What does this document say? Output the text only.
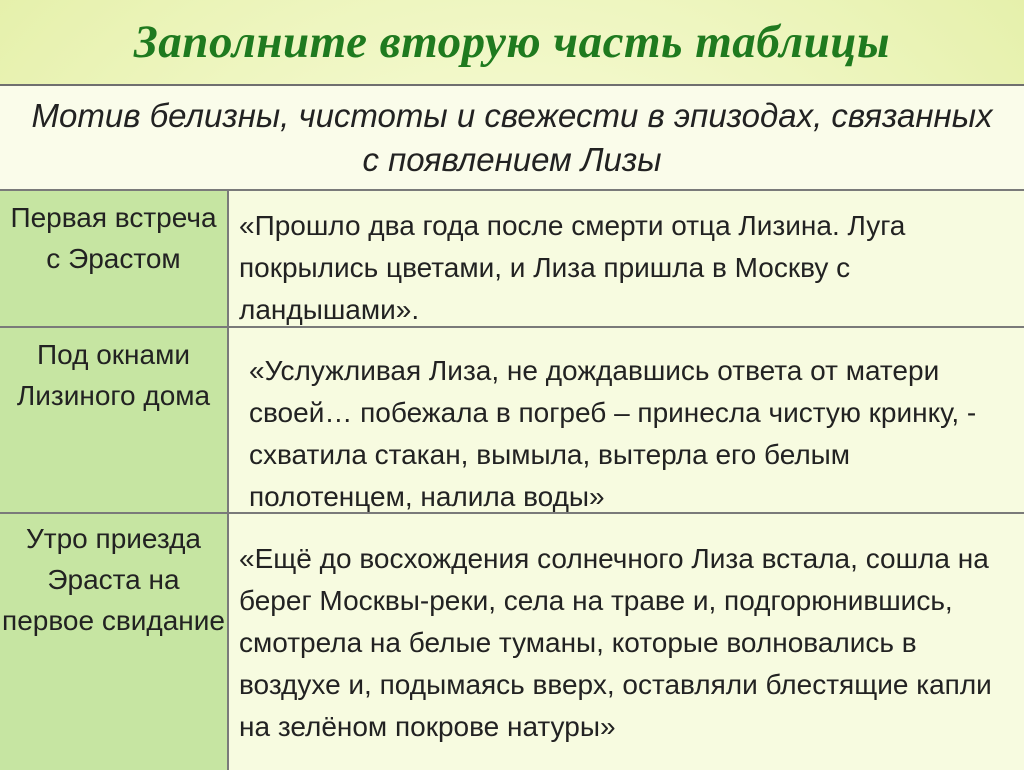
Заполните вторую часть таблицы
Мотив белизны, чистоты и свежести в эпизодах, связанных с появлением Лизы
Первая встреча с Эрастом
«Прошло два года после смерти отца Лизина. Луга покрылись цветами, и Лиза пришла в Москву с ландышами».
Под окнами Лизиного дома
«Услужливая Лиза, не дождавшись ответа от матери своей… побежала в погреб – принесла чистую кринку, - схватила стакан, вымыла, вытерла его белым полотенцем, налила воды»
Утро приезда Эраста на первое свидание
«Ещё до восхождения солнечного Лиза встала, сошла на берег Москвы-реки, села на траве и, подгорюнившись, смотрела на белые туманы, которые волновались в воздухе и, подымаясь вверх, оставляли блестящие капли на зелёном покрове натуры»
